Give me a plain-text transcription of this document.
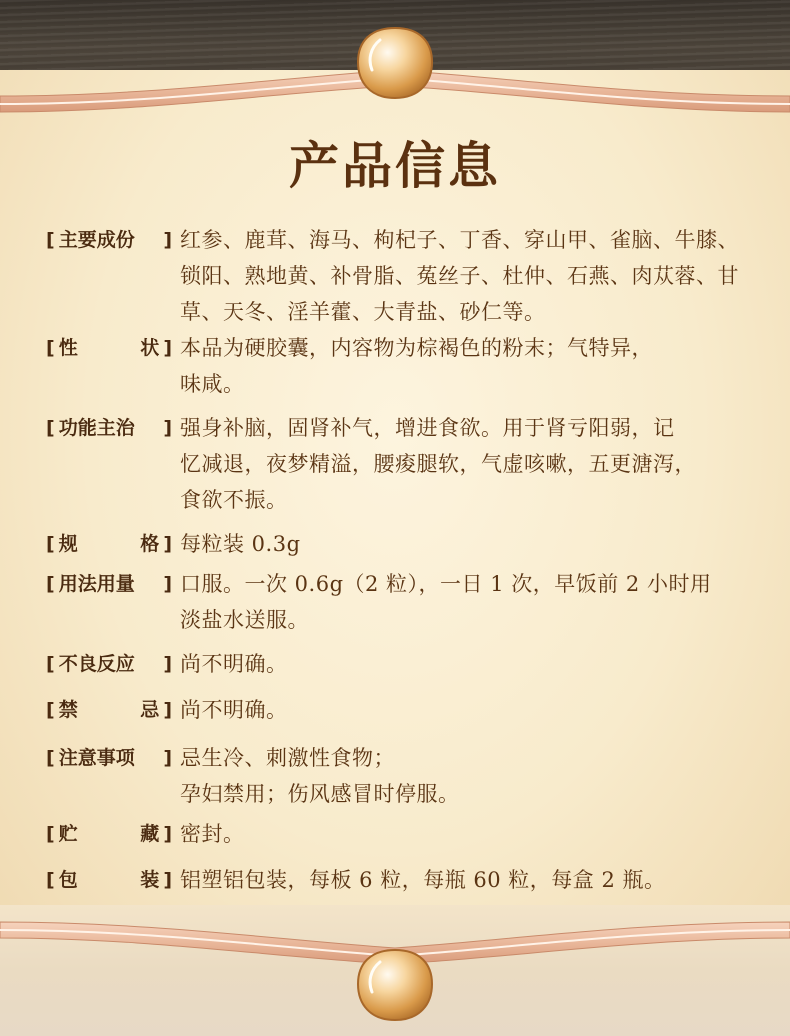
产品信息
[ 主要成份 ] 红参、鹿茸、海马、枸杞子、丁香、穿山甲、雀脑、牛膝、
锁阳、熟地黄、补骨脂、菟丝子、杜仲、石燕、肉苁蓉、甘
草、天冬、淫羊藿、大青盐、砂仁等。
[ 性	状 ] 本品为硬胶囊，内容物为棕褐色的粉末；气特异，
味咸。
[ 功能主治 ] 强身补脑，固肾补气，增进食欲。用于肾亏阳弱，记
忆减退，夜梦精溢，腰痠腿软，气虚咳嗽，五更溏泻，
食欲不振。
[ 规	格 ] 每粒装 0.3g
[ 用法用量 ] 口服。一次 0.6g（2 粒），一日 1 次，早饭前 2 小时用
淡盐水送服。
[ 不良反应 ] 尚不明确。
[ 禁	忌 ] 尚不明确。
[ 注意事项 ] 忌生冷、刺激性食物；
孕妇禁用；伤风感冒时停服。
[ 贮	藏 ] 密封。
[ 包	装 ] 铝塑铝包装，每板 6 粒，每瓶 60 粒，每盒 2 瓶。
